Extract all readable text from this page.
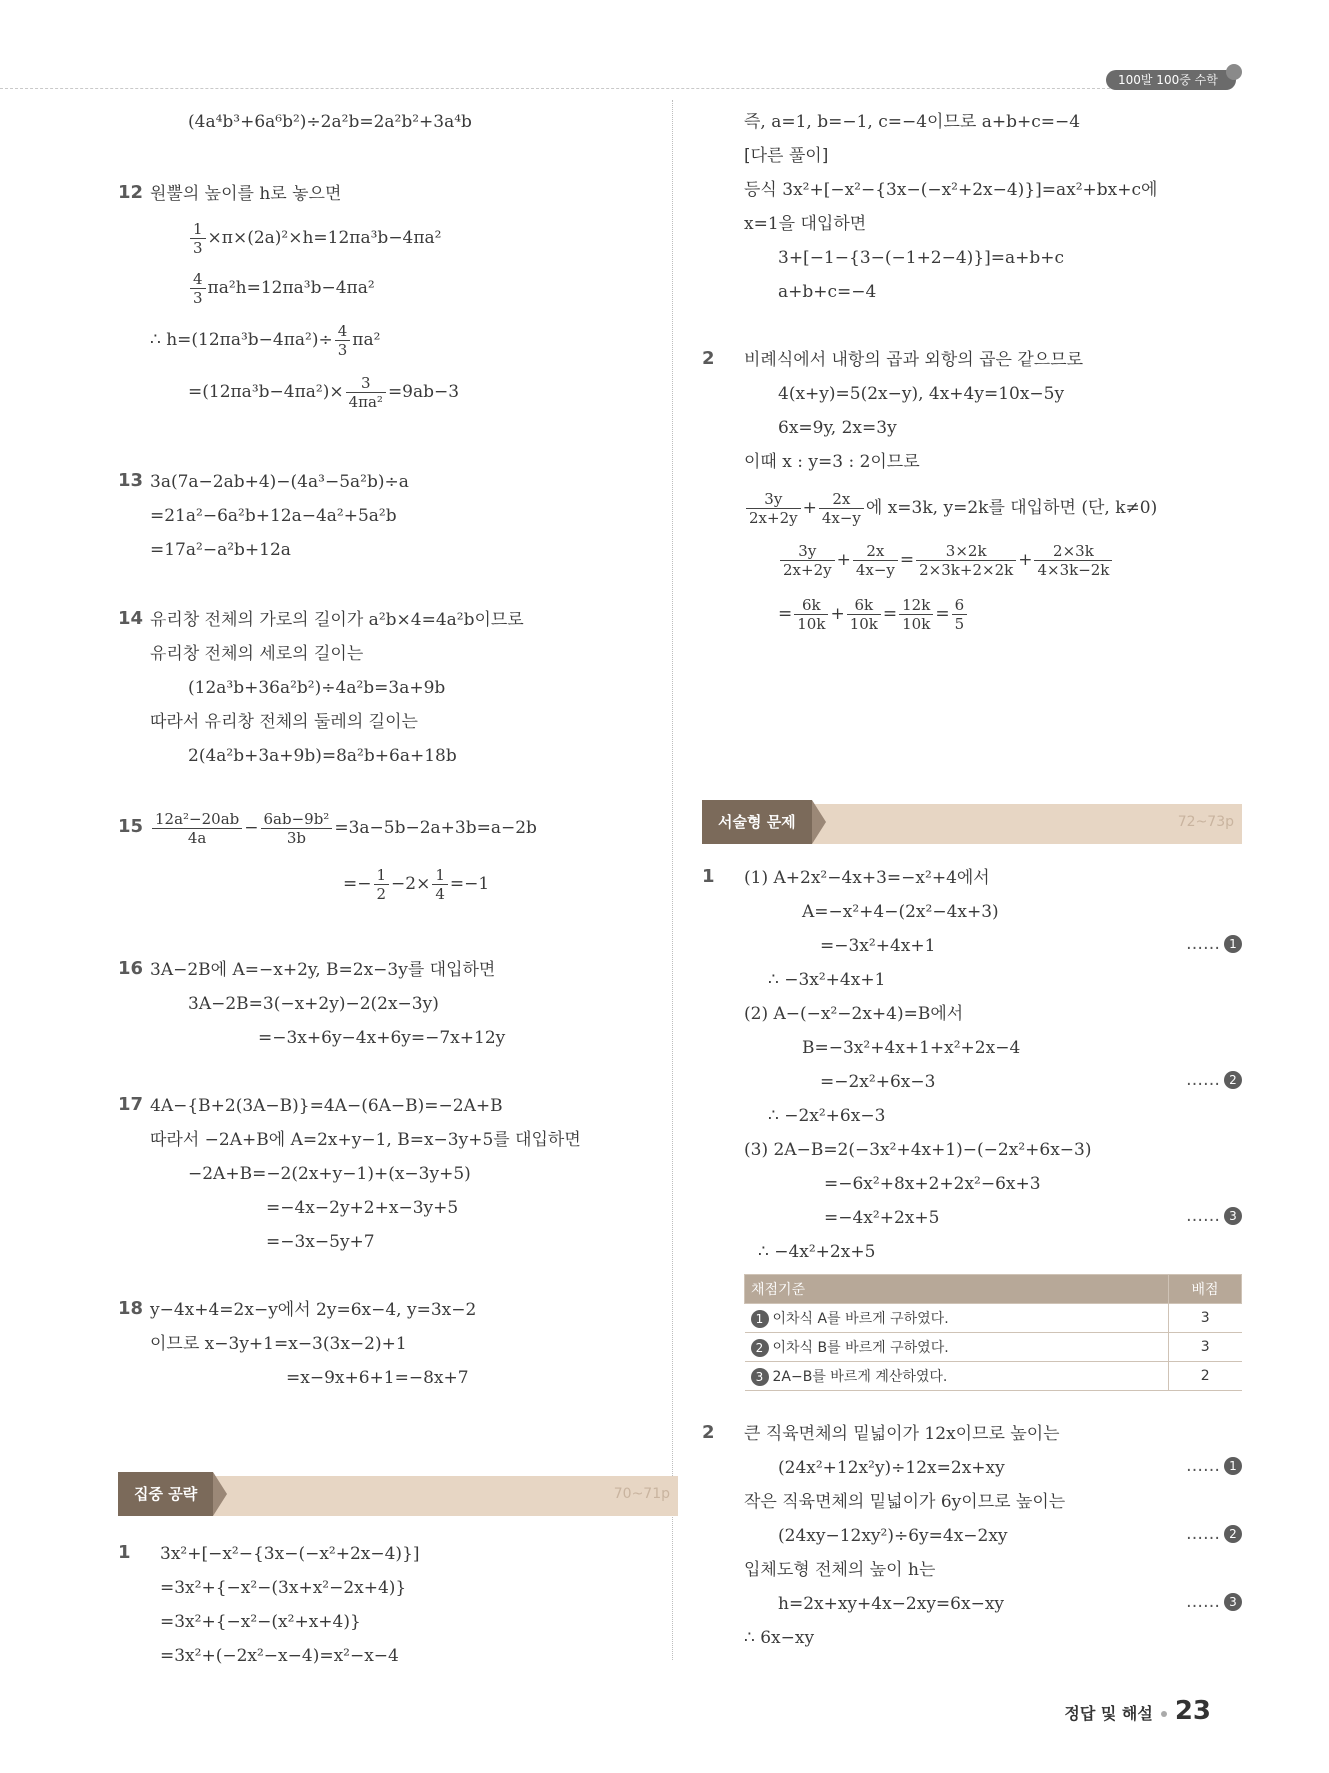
100발 100중 수학
(4a⁴b³+6a⁶b²)÷2a²b=2a²b²+3a⁴b
12 원뿔의 높이를 h로 놓으면
$\frac{1}{3} \times\pi\times(2a)^2\times h=12\pi a^3b-4\pi a^2$
$\frac{4}{3} \pi a^2h=12\pi a^3b-4\pi a^2$
∴ $h=(12\pi a^3b-4\pi a^2)\div \frac{4}{3} \pi a^2$
$=(12\pi a^3b-4\pi a^2)\times \frac{3}{\text{4πa²}} =9ab-3$
13 3a(7a−2ab+4)−(4a³−5a²b)÷a
=21a²−6a²b+12a−4a²+5a²b
=17a²−a²b+12a
14 유리창 전체의 가로의 길이가 a²b×4=4a²b이므로
유리창 전체의 세로의 길이는
(12a³b+36a²b²)÷4a²b=3a+9b
따라서 유리창 전체의 둘레의 길이는
2(4a²b+3a+9b)=8a²b+6a+18b
$15 \frac{\text{12a²−20ab}}{4a} - \frac{\text{6ab−9b²}}{3b} =3a-5b-2a+3b=a-2b$
=− $\frac{1}{2} -2\times \frac{1}{4} =-1$
16 3A−2B에 A=−x+2y, B=2x−3y를 대입하면
3A−2B=3(−x+2y)−2(2x−3y)
=−3x+6y−4x+6y=−7x+12y
17 4A−{B+2(3A−B)}=4A−(6A−B)=−2A+B
따라서 −2A+B에 A=2x+y−1, B=x−3y+5를 대입하면
−2A+B=−2(2x+y−1)+(x−3y+5)
=−4x−2y+2+x−3y+5
=−3x−5y+7
18 y−4x+4=2x−y에서 2y=6x−4, y=3x−2
이므로 x−3y+1=x−3(3x−2)+1
=x−9x+6+1=−8x+7
집중 공략	70~71p
1 3x²+[−x²−{3x−(−x²+2x−4)}]
=3x²+{−x²−(3x+x²−2x+4)}
=3x²+{−x²−(x²+x+4)}
=3x²+(−2x²−x−4)=x²−x−4
즉, a=1, b=−1, c=−4이므로 a+b+c=−4
[다른 풀이]
등식 3x²+[−x²−{3x−(−x²+2x−4)}]=ax²+bx+c에
x=1을 대입하면
3+[−1−{3−(−1+2−4)}]=a+b+c
a+b+c=−4
2 비례식에서 내항의 곱과 외항의 곱은 같으므로
4(x+y)=5(2x−y), 4x+4y=10x−5y
6x=9y, 2x=3y
이때 x : y=3 : 2이므로
$\frac{3y}{2x+2y} + \frac{2x}{4x-y}$ 에 x=3k, y=2k를 대입하면 (단, k≠0)
$\frac{3y}{2x+2y} + \frac{2x}{4x-y} = \frac{3\times 2k}{2\times 3k+2\times 2k} + \frac{2\times 3k}{4\times 3k-2k}$
= $\frac{6k}{10k} + \frac{6k}{10k} = \frac{12k}{10k} = \frac{6}{5}$
서술형 문제	72~73p
1 (1) A+2x²−4x+3=−x²+4에서
A=−x²+4−(2x²−4x+3)
=−3x²+4x+1	…… 1
∴ −3x²+4x+1
(2) A−(−x²−2x+4)=B에서
B=−3x²+4x+1+x²+2x−4
=−2x²+6x−3	…… 2
∴ −2x²+6x−3
(3) 2A−B=2(−3x²+4x+1)−(−2x²+6x−3)
=−6x²+8x+2+2x²−6x+3
=−4x²+2x+5	…… 3
∴ −4x²+2x+5
채점기준	배점
1 이차식 A를 바르게 구하였다.	3
2 이차식 B를 바르게 구하였다.	3
3 2A−B를 바르게 계산하였다.	2
2 큰 직육면체의 밑넓이가 12x이므로 높이는
(24x²+12x²y)÷12x=2x+xy	…… 1
작은 직육면체의 밑넓이가 6y이므로 높이는
(24xy−12xy²)÷6y=4x−2xy	…… 2
입체도형 전체의 높이 h는
h=2x+xy+4x−2xy=6x−xy	…… 3
∴ 6x−xy
정답 및 해설 23
